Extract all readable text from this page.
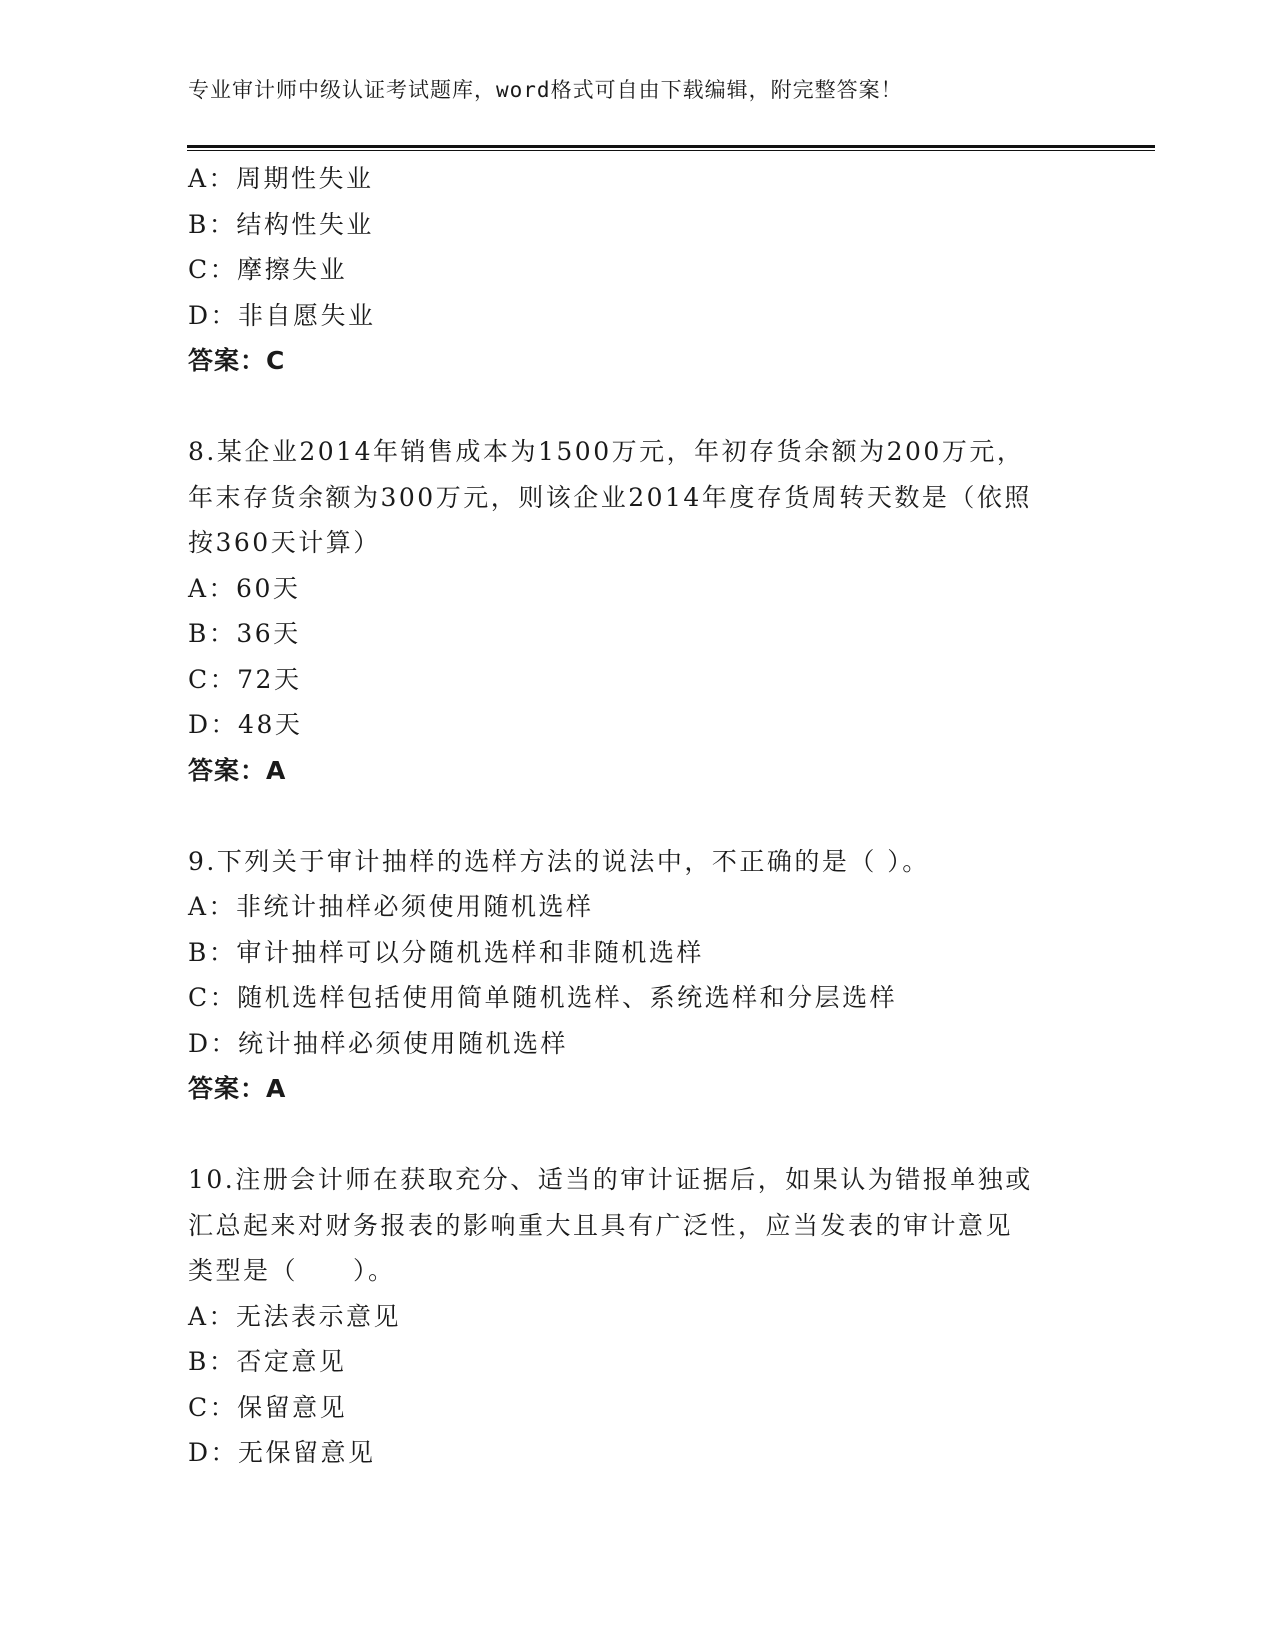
专业审计师中级认证考试题库，word格式可自由下载编辑，附完整答案！
A：周期性失业
B：结构性失业
C：摩擦失业
D：非自愿失业
答案：C
8.某企业2014年销售成本为1500万元，年初存货余额为200万元，
年末存货余额为300万元，则该企业2014年度存货周转天数是（依照
按360天计算）
A：60天
B：36天
C：72天
D：48天
答案：A
9.下列关于审计抽样的选样方法的说法中，不正确的是（ ）。
A：非统计抽样必须使用随机选样
B：审计抽样可以分随机选样和非随机选样
C：随机选样包括使用简单随机选样、系统选样和分层选样
D：统计抽样必须使用随机选样
答案：A
10.注册会计师在获取充分、适当的审计证据后，如果认为错报单独或
汇总起来对财务报表的影响重大且具有广泛性，应当发表的审计意见
类型是（　　）。
A：无法表示意见
B：否定意见
C：保留意见
D：无保留意见
